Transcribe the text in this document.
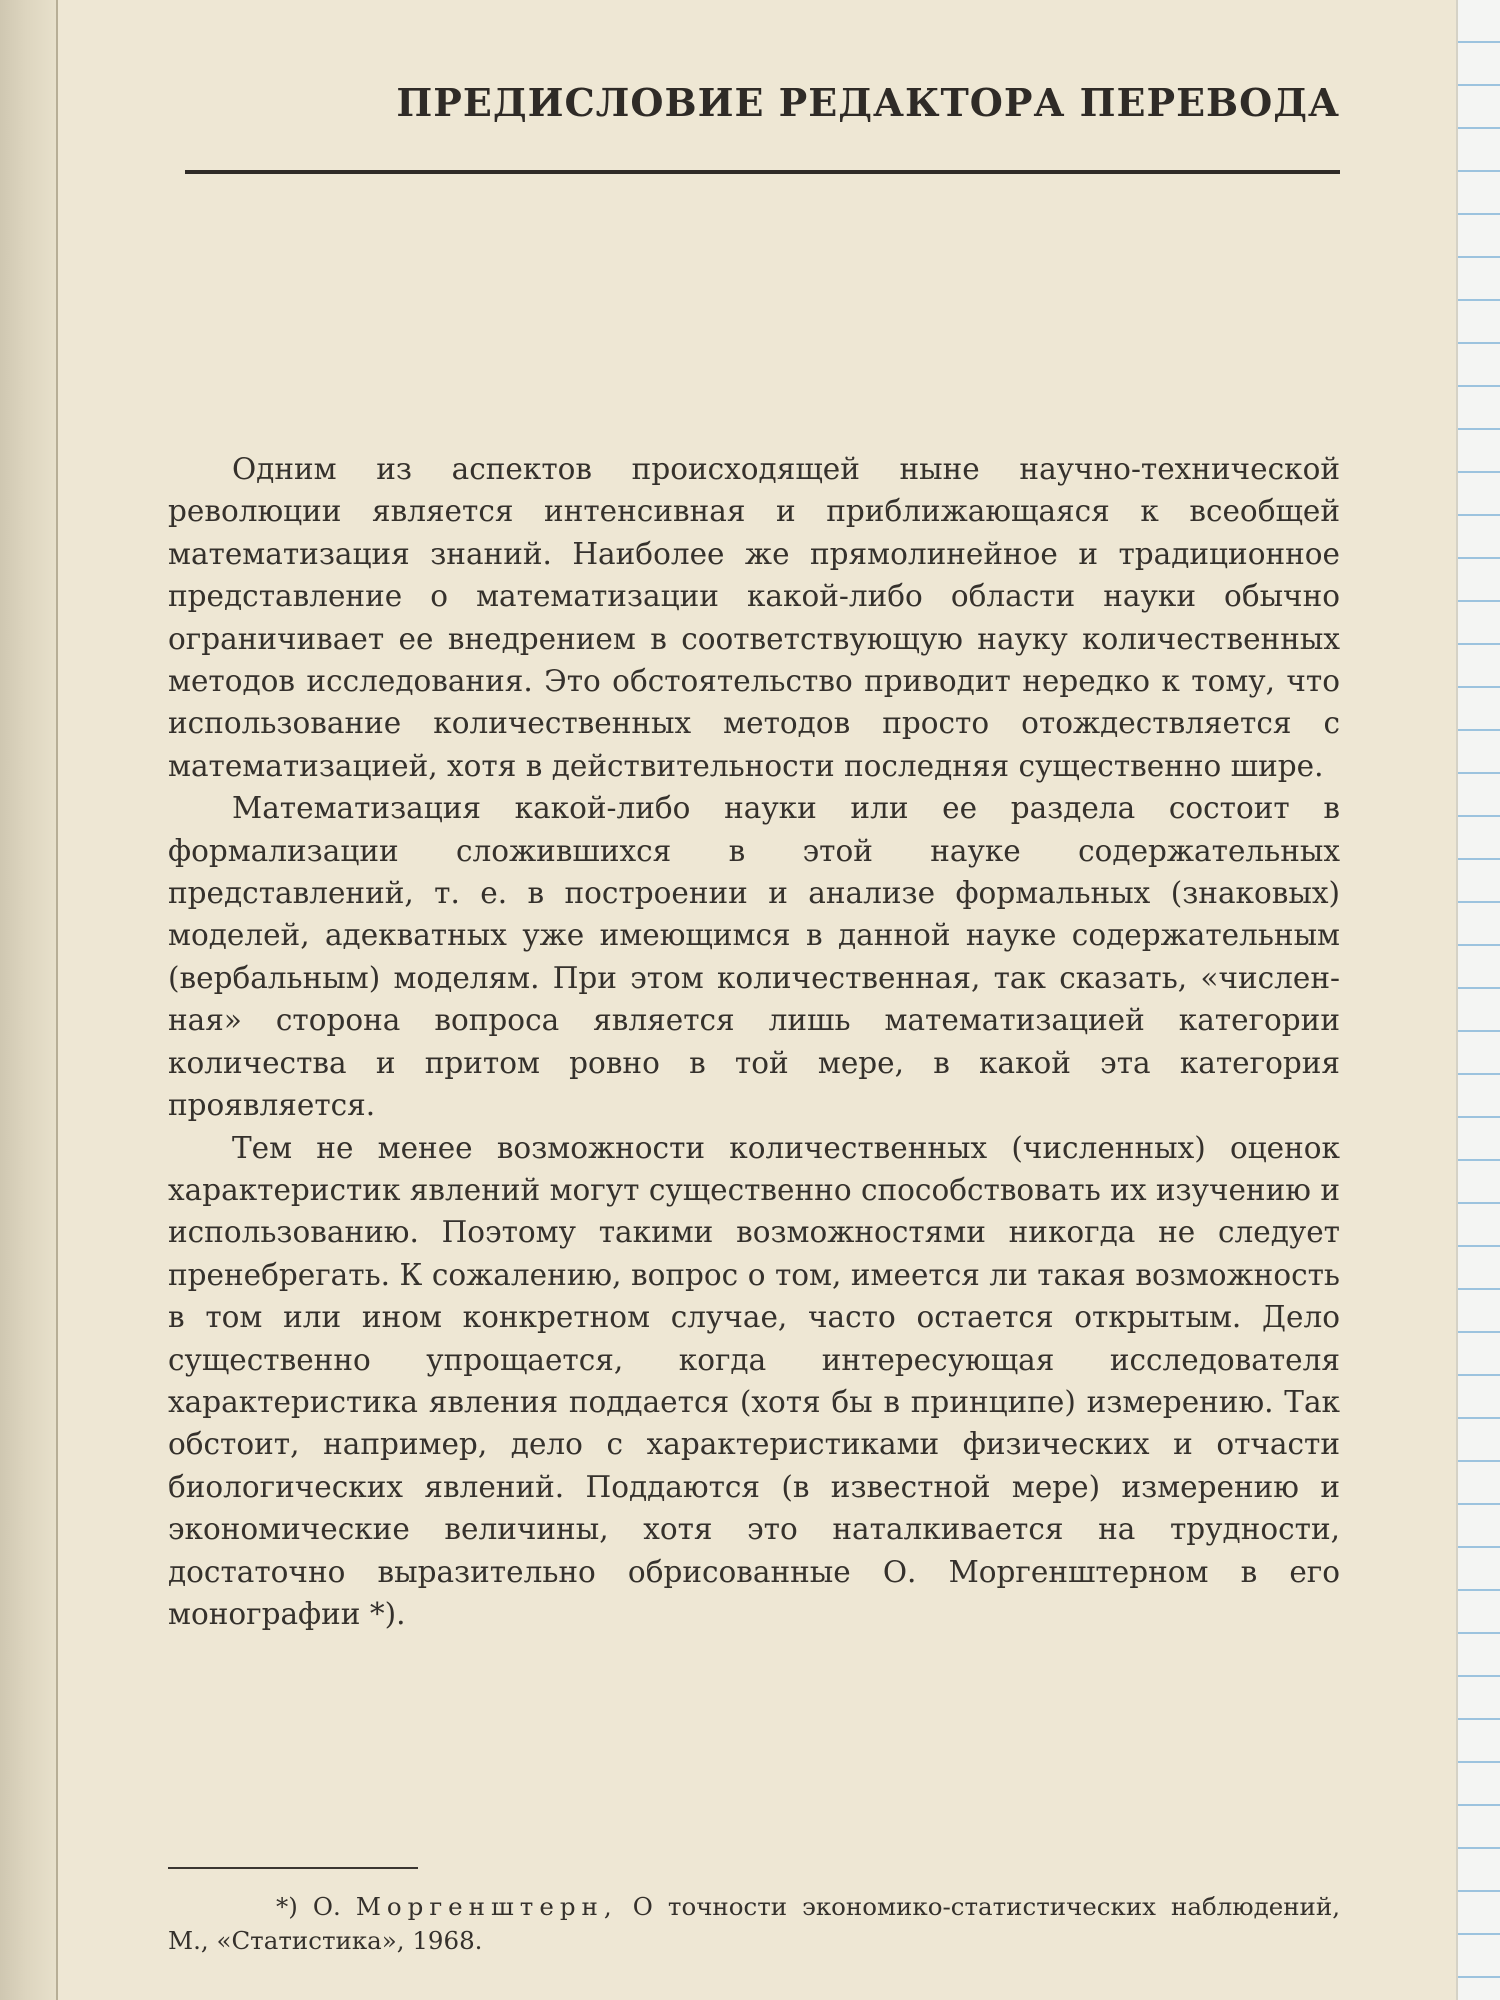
ПРЕДИСЛОВИЕ РЕДАКТОРА ПЕРЕВОДА

Одним из аспектов происходящей ныне научно-технической революции является интенсивная и приближающаяся к всеобщей математизация знаний. Наиболее же прямолинейное и традиционное представление о математизации какой-либо области науки обычно ограничивает ее внедрением в соответствующую науку количественных методов исследования. Это обстоятельство приводит нередко к тому, что использование количественных методов просто отождествляется с математизацией, хотя в действительности последняя существенно шире.

Математизация какой-либо науки или ее раздела состоит в формализации сложившихся в этой науке содержательных представлений, т. е. в построении и анализе формальных (знаковых) моделей, адекватных уже имеющимся в данной науке содержательным (вербальным) моделям. При этом количественная, так сказать, «численная» сторона вопроса является лишь математизацией категории количества и притом ровно в той мере, в какой эта категория проявляется.

Тем не менее возможности количественных (численных) оценок характеристик явлений могут существенно способствовать их изучению и использованию. Поэтому такими возможностями никогда не следует пренебрегать. К сожалению, вопрос о том, имеется ли такая возможность в том или ином конкретном случае, часто остается открытым. Дело существенно упрощается, когда интересующая исследователя характеристика явления поддается (хотя бы в принципе) измерению. Так обстоит, например, дело с характеристиками физических и отчасти биологических явлений. Поддаются (в известной мере) измерению и экономические величины, хотя это наталкивается на трудности, достаточно выразительно обрисованные О. Моргенштерном в его монографии *).

*) О. Моргенштерн, О точности экономико-статистических наблюдений, М., «Статистика», 1968.
